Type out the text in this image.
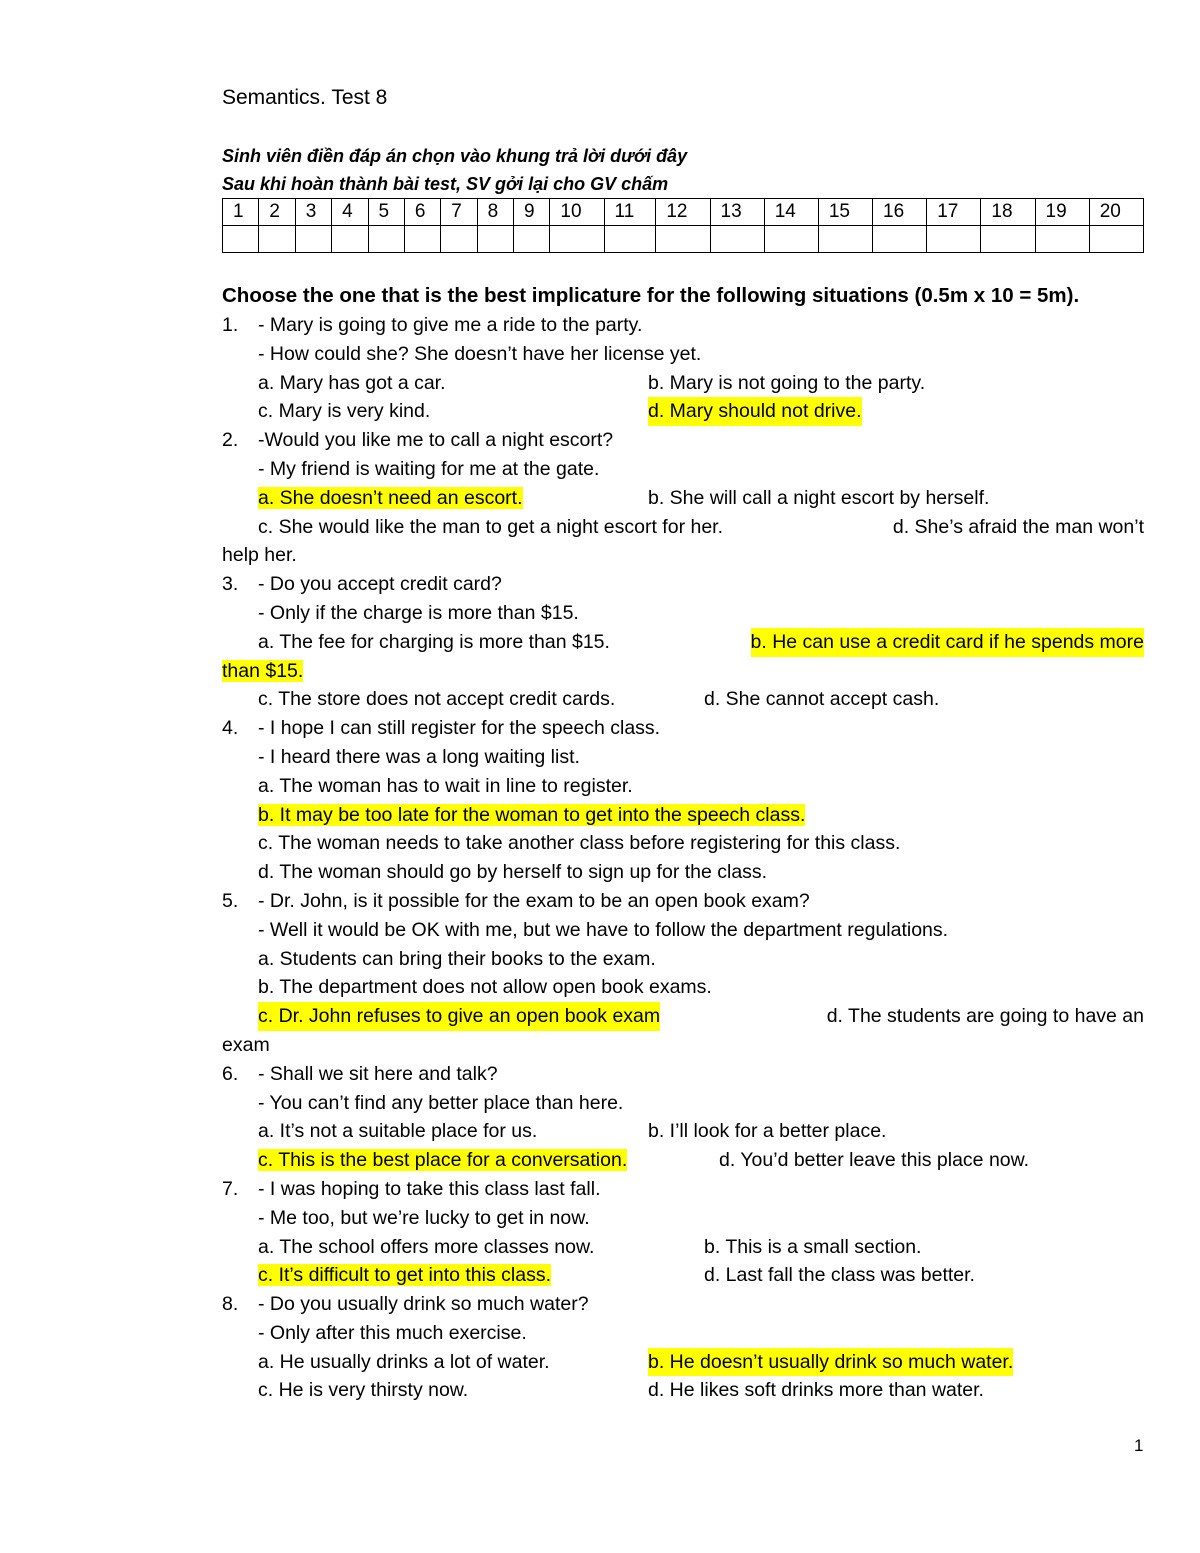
Semantics. Test 8

Sinh viên điền đáp án chọn vào khung trả lời dưới đây

Sau khi hoàn thành bài test, SV gởi lại cho GV chấm

1	2	3	4	5	6	7	8	9	10	11	12	13	14	15	16	17	18	19	20

Choose the one that is the best implicature for the following situations (0.5m x 10 = 5m).

1. - Mary is going to give me a ride to the party.
- How could she? She doesn’t have her license yet.
a. Mary has got a car.	b. Mary is not going to the party.
c. Mary is very kind.	d. Mary should not drive.
2. -Would you like me to call a night escort?
- My friend is waiting for me at the gate.
a. She doesn’t need an escort.	b. She will call a night escort by herself.
c. She would like the man to get a night escort for her.	d. She’s afraid the man won’t
help her.
3. - Do you accept credit card?
- Only if the charge is more than $15.
a. The fee for charging is more than $15.	b. He can use a credit card if he spends more
than $15.
c. The store does not accept credit cards.	d. She cannot accept cash.
4. - I hope I can still register for the speech class.
- I heard there was a long waiting list.
a. The woman has to wait in line to register.
b. It may be too late for the woman to get into the speech class.
c. The woman needs to take another class before registering for this class.
d. The woman should go by herself to sign up for the class.
5. - Dr. John, is it possible for the exam to be an open book exam?
- Well it would be OK with me, but we have to follow the department regulations.
a. Students can bring their books to the exam.
b. The department does not allow open book exams.
c. Dr. John refuses to give an open book exam	d. The students are going to have an
exam
6. - Shall we sit here and talk?
- You can’t find any better place than here.
a. It’s not a suitable place for us.	b. I’ll look for a better place.
c. This is the best place for a conversation.	d. You’d better leave this place now.
7. - I was hoping to take this class last fall.
- Me too, but we’re lucky to get in now.
a. The school offers more classes now.	b. This is a small section.
c. It’s difficult to get into this class.	d. Last fall the class was better.
8. - Do you usually drink so much water?
- Only after this much exercise.
a. He usually drinks a lot of water.	b. He doesn’t usually drink so much water.
c. He is very thirsty now.	d. He likes soft drinks more than water.
1
